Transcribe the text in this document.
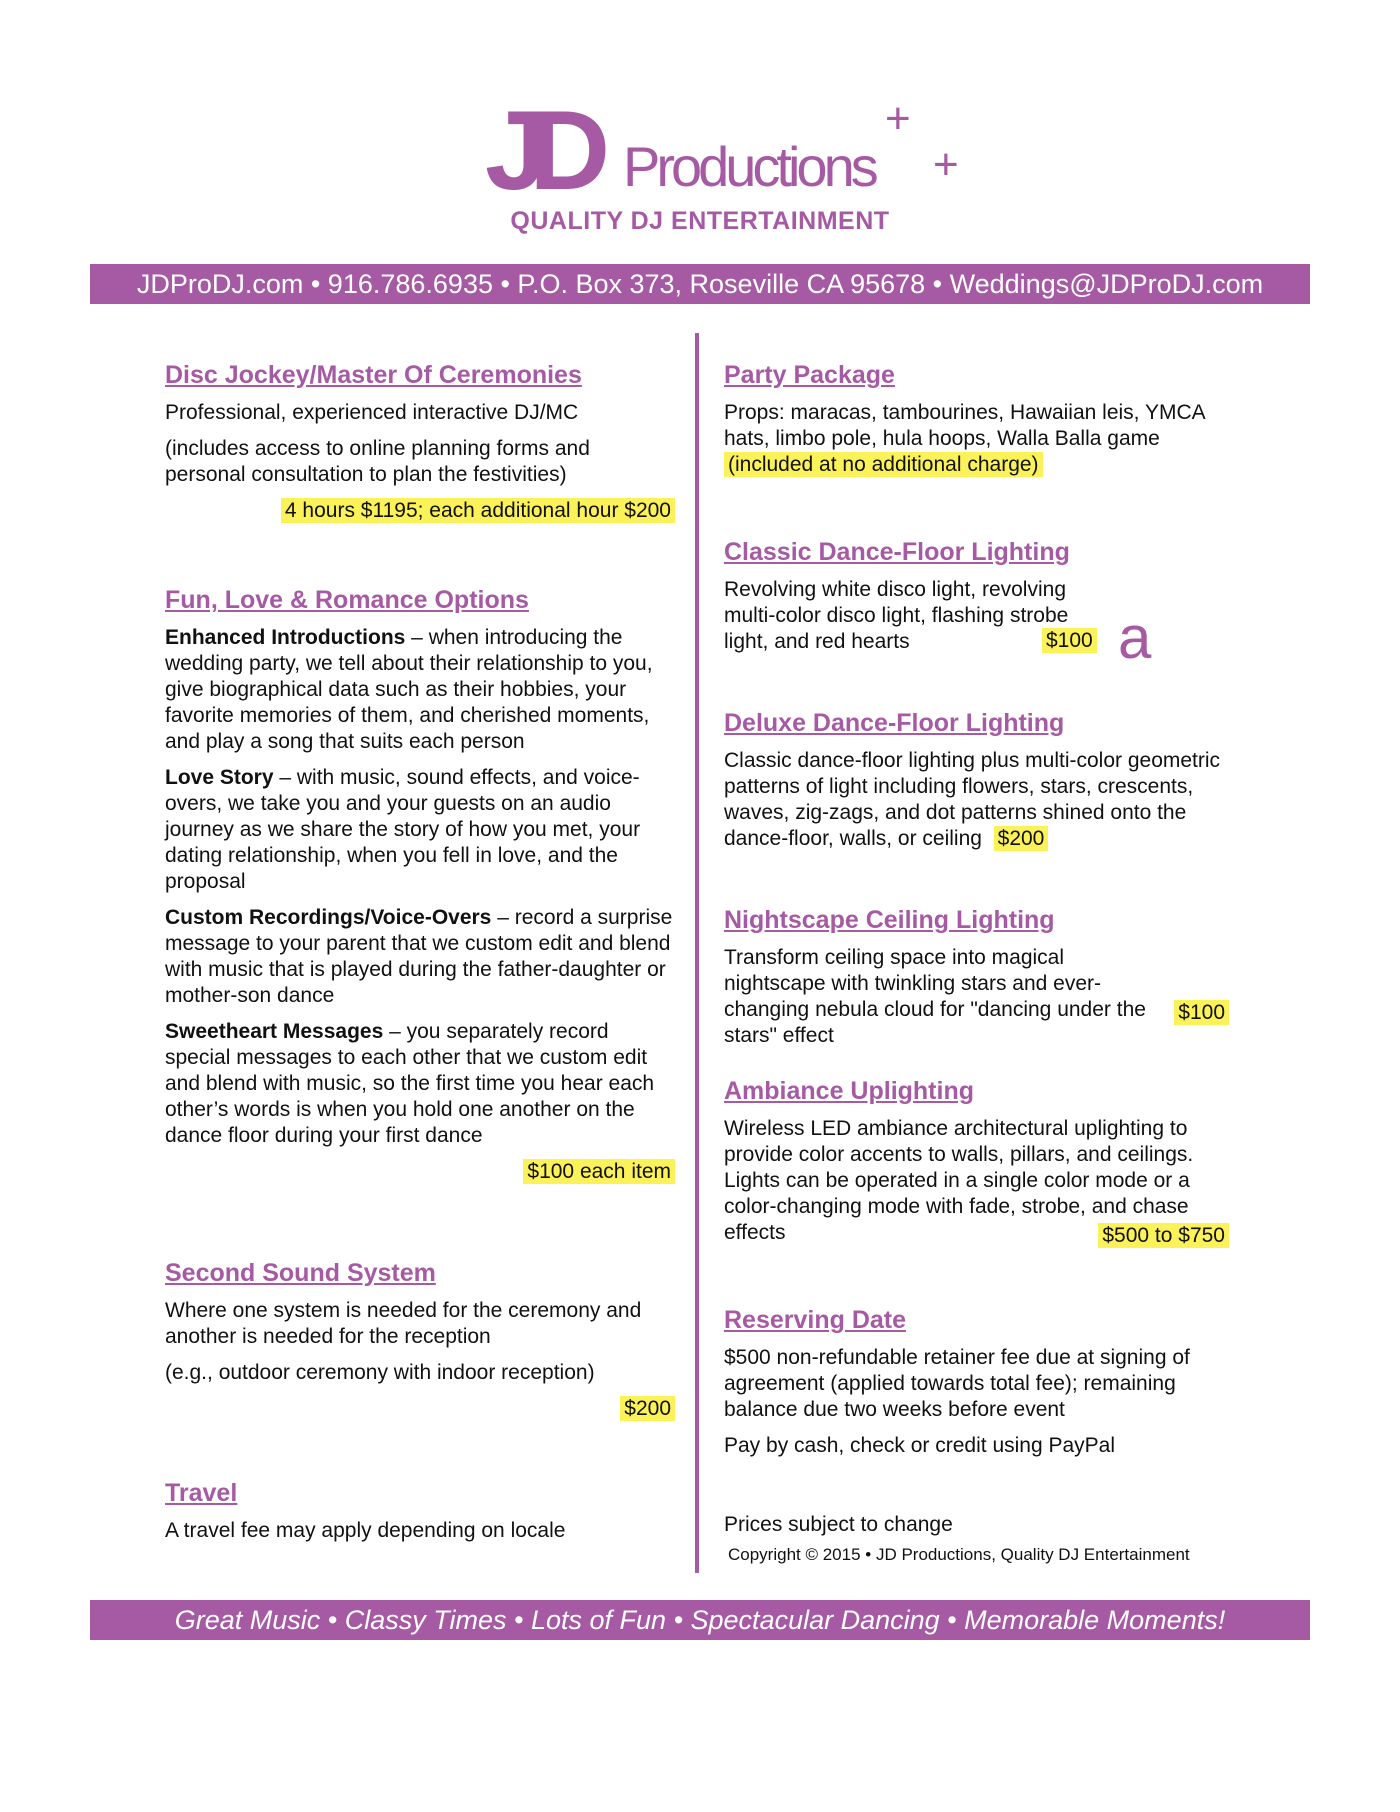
JD Productions
+
+
QUALITY DJ ENTERTAINMENT
JDProDJ.com • 916.786.6935 • P.O. Box 373, Roseville CA 95678 • Weddings@JDProDJ.com
Disc Jockey/Master Of Ceremonies
Professional, experienced interactive DJ/MC
(includes access to online planning forms and personal consultation to plan the festivities)
4 hours $1195; each additional hour $200
Fun, Love & Romance Options
Enhanced Introductions – when introducing the wedding party, we tell about their relationship to you, give biographical data such as their hobbies, your favorite memories of them, and cherished moments, and play a song that suits each person
Love Story – with music, sound effects, and voice-overs, we take you and your guests on an audio journey as we share the story of how you met, your dating relationship, when you fell in love, and the proposal
Custom Recordings/Voice-Overs – record a surprise message to your parent that we custom edit and blend with music that is played during the father-daughter or mother-son dance
Sweetheart Messages – you separately record special messages to each other that we custom edit and blend with music, so the first time you hear each other’s words is when you hold one another on the dance floor during your first dance
$100 each item
Second Sound System
Where one system is needed for the ceremony and another is needed for the reception
(e.g., outdoor ceremony with indoor reception)
$200
Travel
A travel fee may apply depending on locale
Party Package
Props: maracas, tambourines, Hawaiian leis, YMCA hats, limbo pole, hula hoops, Walla Balla game(included at no additional charge)
Classic Dance-Floor Lighting
Revolving white disco light, revolving multi-color disco light, flashing strobe light, and red hearts	$100 a
Deluxe Dance-Floor Lighting
Classic dance-floor lighting plus multi-color geometric patterns of light including flowers, stars, crescents, waves, zig-zags, and dot patterns shined onto the dance-floor, walls, or ceiling $200
Nightscape Ceiling Lighting
Transform ceiling space into magical nightscape with twinkling stars and ever-changing nebula cloud for "dancing under the stars" effect
$100
Ambiance Uplighting
Wireless LED ambiance architectural uplighting to provide color accents to walls, pillars, and ceilings. Lights can be operated in a single color mode or a color-changing mode with fade, strobe, and chase effects	$500 to $750
Reserving Date
$500 non-refundable retainer fee due at signing of agreement (applied towards total fee); remaining balance due two weeks before event
Pay by cash, check or credit using PayPal
Prices subject to change
Copyright © 2015 • JD Productions, Quality DJ Entertainment
Great Music • Classy Times • Lots of Fun • Spectacular Dancing • Memorable Moments!
